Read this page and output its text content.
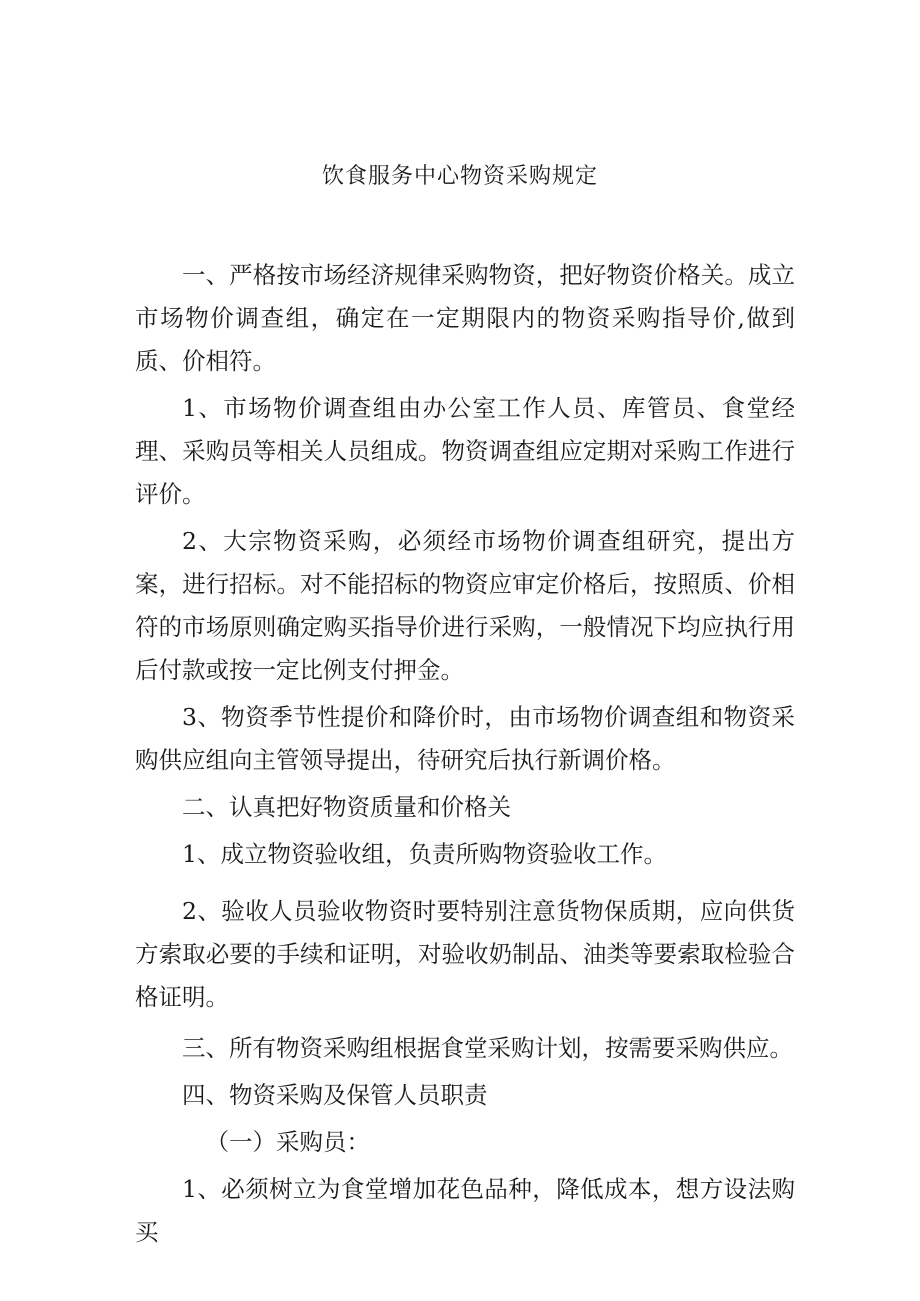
饮食服务中心物资采购规定

一、严格按市场经济规律采购物资，把好物资价格关。成立市场物价调查组，确定在一定期限内的物资采购指导价,做到质、价相符。

1、市场物价调查组由办公室工作人员、库管员、食堂经理、采购员等相关人员组成。物资调查组应定期对采购工作进行评价。

2、大宗物资采购，必须经市场物价调查组研究，提出方案，进行招标。对不能招标的物资应审定价格后，按照质、价相符的市场原则确定购买指导价进行采购，一般情况下均应执行用后付款或按一定比例支付押金。

3、物资季节性提价和降价时，由市场物价调查组和物资采购供应组向主管领导提出，待研究后执行新调价格。

二、认真把好物资质量和价格关

1、成立物资验收组，负责所购物资验收工作。

2、验收人员验收物资时要特别注意货物保质期，应向供货方索取必要的手续和证明，对验收奶制品、油类等要索取检验合格证明。

三、所有物资采购组根据食堂采购计划，按需要采购供应。

四、物资采购及保管人员职责

（一）采购员：

1、必须树立为食堂增加花色品种，降低成本，想方设法购买
